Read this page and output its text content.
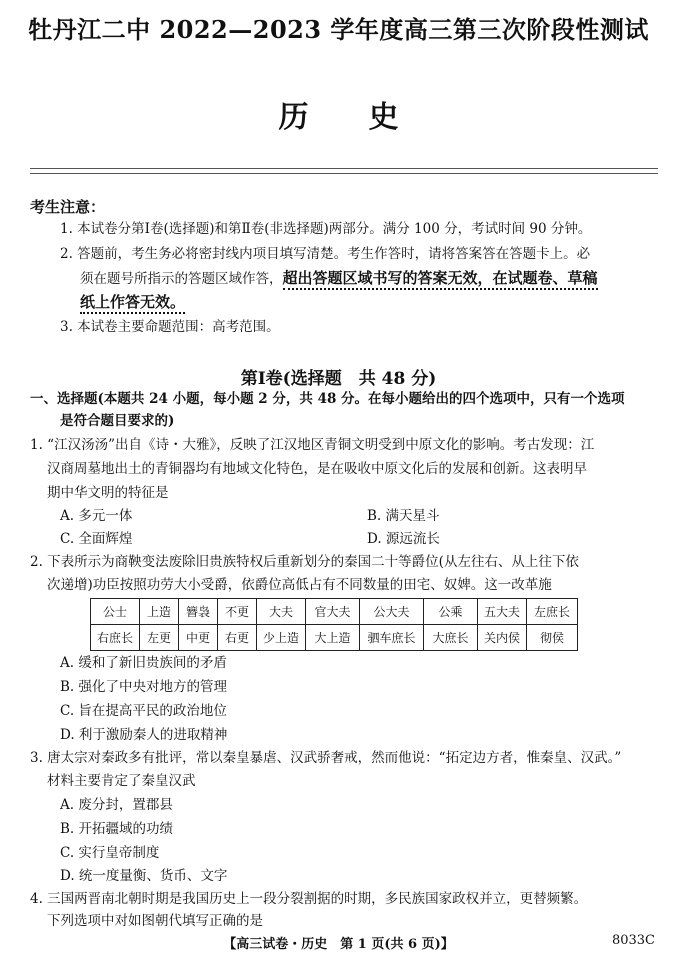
牡丹江二中 2022—2023 学年度高三第三次阶段性测试
历史
考生注意：
1. 本试卷分第Ⅰ卷(选择题)和第Ⅱ卷(非选择题)两部分。满分 100 分，考试时间 90 分钟。
2. 答题前，考生务必将密封线内项目填写清楚。考生作答时，请将答案答在答题卡上。必
须在题号所指示的答题区域作答，超出答题区域书写的答案无效，在试题卷、草稿
纸上作答无效。
3. 本试卷主要命题范围：高考范围。
第Ⅰ卷(选择题　共 48 分)
一、选择题(本题共 24 小题，每小题 2 分，共 48 分。在每小题给出的四个选项中，只有一个选项
是符合题目要求的)
1. “江汉汤汤”出自《诗・大雅》，反映了江汉地区青铜文明受到中原文化的影响。考古发现：江
汉商周墓地出土的青铜器均有地域文化特色，是在吸收中原文化后的发展和创新。这表明早
期中华文明的特征是
A. 多元一体	B. 满天星斗
C. 全面辉煌	D. 源远流长
2. 下表所示为商鞅变法废除旧贵族特权后重新划分的秦国二十等爵位(从左往右、从上往下依
次递增)功臣按照功劳大小受爵，依爵位高低占有不同数量的田宅、奴婢。这一改革施
公士	上造	簪袅	不更	大夫	官大夫	公大夫	公乘	五大夫	左庶长
右庶长	左更	中更	右更	少上造	大上造	驷车庶长	大庶长	关内侯	彻侯
A. 缓和了新旧贵族间的矛盾
B. 强化了中央对地方的管理
C. 旨在提高平民的政治地位
D. 利于激励秦人的进取精神
3. 唐太宗对秦政多有批评，常以秦皇暴虐、汉武骄奢戒，然而他说：“拓定边方者，惟秦皇、汉武。”
材料主要肯定了秦皇汉武
A. 废分封，置郡县
B. 开拓疆域的功绩
C. 实行皇帝制度
D. 统一度量衡、货币、文字
4. 三国两晋南北朝时期是我国历史上一段分裂割据的时期，多民族国家政权并立，更替频繁。
下列选项中对如图朝代填写正确的是
【高三试卷・历史　第 1 页(共 6 页)】	8033C
